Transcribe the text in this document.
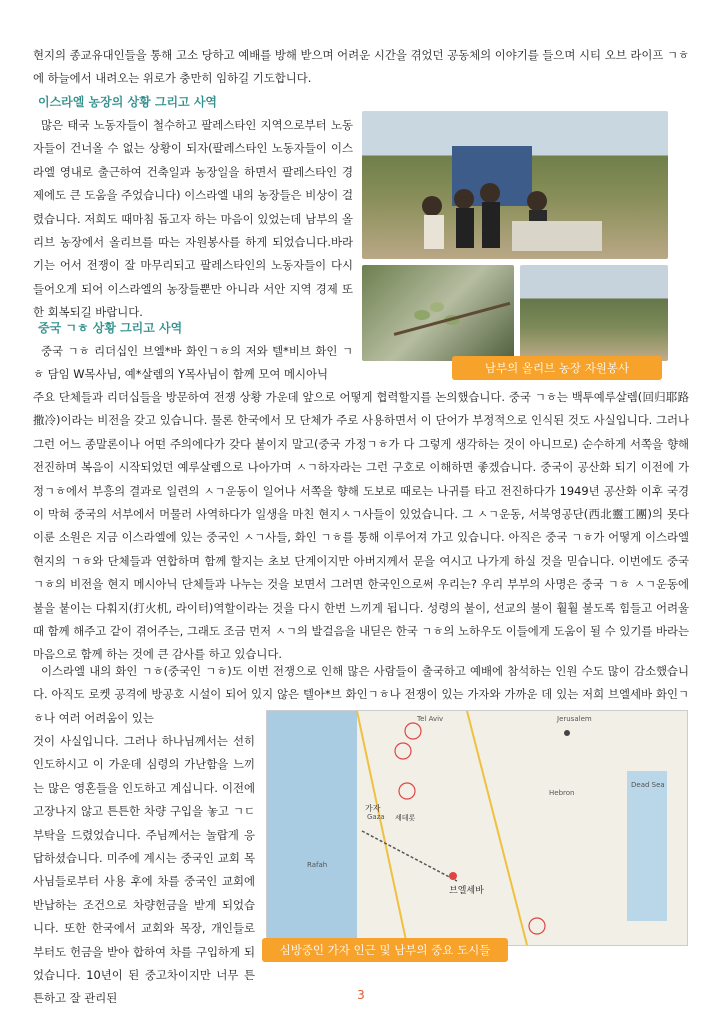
현지의 종교유대인들을 통해 고소 당하고 예배를 방해 받으며 어려운 시간을 겪었던 공동체의 이야기를 들으며 시티 오브 라이프 ㄱㅎ에 하늘에서 내려오는 위로가 충만히 임하길 기도합니다.

이스라엘 농장의 상황 그리고 사역

많은 태국 노동자들이 철수하고 팔레스타인 지역으로부터 노동자들이 건너올 수 없는 상황이 되자(팔레스타인 노동자들이 이스라엘 영내로 출근하여 건축일과 농장일을 하면서 팔레스타인 경제에도 큰 도움을 주었습니다) 이스라엘 내의 농장들은 비상이 걸렸습니다. 저희도 때마침 돕고자 하는 마음이 있었는데 남부의 올리브 농장에서 올리브를 따는 자원봉사를 하게 되었습니다.바라기는 어서 전쟁이 잘 마무리되고 팔레스타인의 노동자들이 다시 들어오게 되어 이스라엘의 농장들뿐만 아니라 서안 지역 경제 또한 회복되길 바랍니다.

남부의 올리브 농장 자원봉사
중국 ㄱㅎ 상황 그리고 사역

중국 ㄱㅎ 리더십인 브엘*바 화인ㄱㅎ의 저와 텔*비브 화인 ㄱㅎ 담임 W목사님, 예*살렘의 Y목사님이 함께 모여 메시아닉

주요 단체들과 리더십들을 방문하여 전쟁 상황 가운데 앞으로 어떻게 협력할지를 논의했습니다. 중국 ㄱㅎ는 백투예루살렘(回归耶路撒冷)이라는 비전을 갖고 있습니다. 물론 한국에서 모 단체가 주로 사용하면서 이 단어가 부정적으로 인식된 것도 사실입니다. 그러나 그런 어느 종말론이나 어떤 주의에다가 갖다 붙이지 말고(중국 가정ㄱㅎ가 다 그렇게 생각하는 것이 아니므로) 순수하게 서쪽을 향해 전진하며 복음이 시작되었던 예루살렘으로 나아가며 ㅅㄱ하자라는 그런 구호로 이해하면 좋겠습니다. 중국이 공산화 되기 이전에 가정ㄱㅎ에서 부흥의 결과로 일련의 ㅅㄱ운동이 일어나 서쪽을 향해 도보로 때로는 나귀를 타고 전진하다가 1949년 공산화 이후 국경이 막혀 중국의 서부에서 머물러 사역하다가 일생을 마친 현지ㅅㄱ사들이 있었습니다. 그 ㅅㄱ운동, 서북영공단(西北靈工團)의 못다 이룬 소원은 지금 이스라엘에 있는 중국인 ㅅㄱ사들, 화인 ㄱㅎ를 통해 이루어져 가고 있습니다. 아직은 중국 ㄱㅎ가 어떻게 이스라엘 현지의 ㄱㅎ와 단체들과 연합하며 함께 할지는 초보 단계이지만 아버지께서 문을 여시고 나가게 하실 것을 믿습니다. 이번에도 중국 ㄱㅎ의 비전을 현지 메시아닉 단체들과 나누는 것을 보면서 그러면 한국인으로써 우리는? 우리 부부의 사명은 중국 ㄱㅎ ㅅㄱ운동에 불을 붙이는 다훠지(打火机, 라이터)역할이라는 것을 다시 한번 느끼게 됩니다. 성령의 불이, 선교의 불이 훨훨 불도록 힘들고 어려울 때 함께 해주고 같이 겪어주는, 그래도 조금 먼저 ㅅㄱ의 발걸음을 내딛은 한국 ㄱㅎ의 노하우도 이들에게 도움이 될 수 있기를 바라는 마음으로 함께 하는 것에 큰 감사를 하고 있습니다.

이스라엘 내의 화인 ㄱㅎ(중국인 ㄱㅎ)도 이번 전쟁으로 인해 많은 사람들이 출국하고 예배에 참석하는 인원 수도 많이 감소했습니다. 아직도 로켓 공격에 방공호 시설이 되어 있지 않은 텔아*브 화인ㄱㅎ나 전쟁이 있는 가자와 가까운 데 있는 저희 브엘세바 화인ㄱㅎ나 여러 어려움이 있는

것이 사실입니다. 그러나 하나님께서는 선히 인도하시고 이 가운데 심령의 가난함을 느끼는 많은 영혼들을 인도하고 계십니다. 이전에 고장나지 않고 튼튼한 차량 구입을 놓고 ㄱㄷ부탁을 드렸었습니다. 주님께서는 놀랍게 응답하셨습니다. 미주에 계시는 중국인 교회 목사님들로부터 사용 후에 차를 중국인 교회에 반납하는 조건으로 차량헌금을 받게 되었습니다. 또한 한국에서 교회와 목장, 개인들로부터도 헌금을 받아 합하여 차를 구입하게 되었습니다. 10년이 된 중고차이지만 너무 튼튼하고 잘 관리된

Jerusalem
가자
Gaza
브엘세바
Hebron
Rafah
세데롯
Dead Sea
Tel Aviv
심방중인 가자 인근 및 남부의 중요 도시들
3
